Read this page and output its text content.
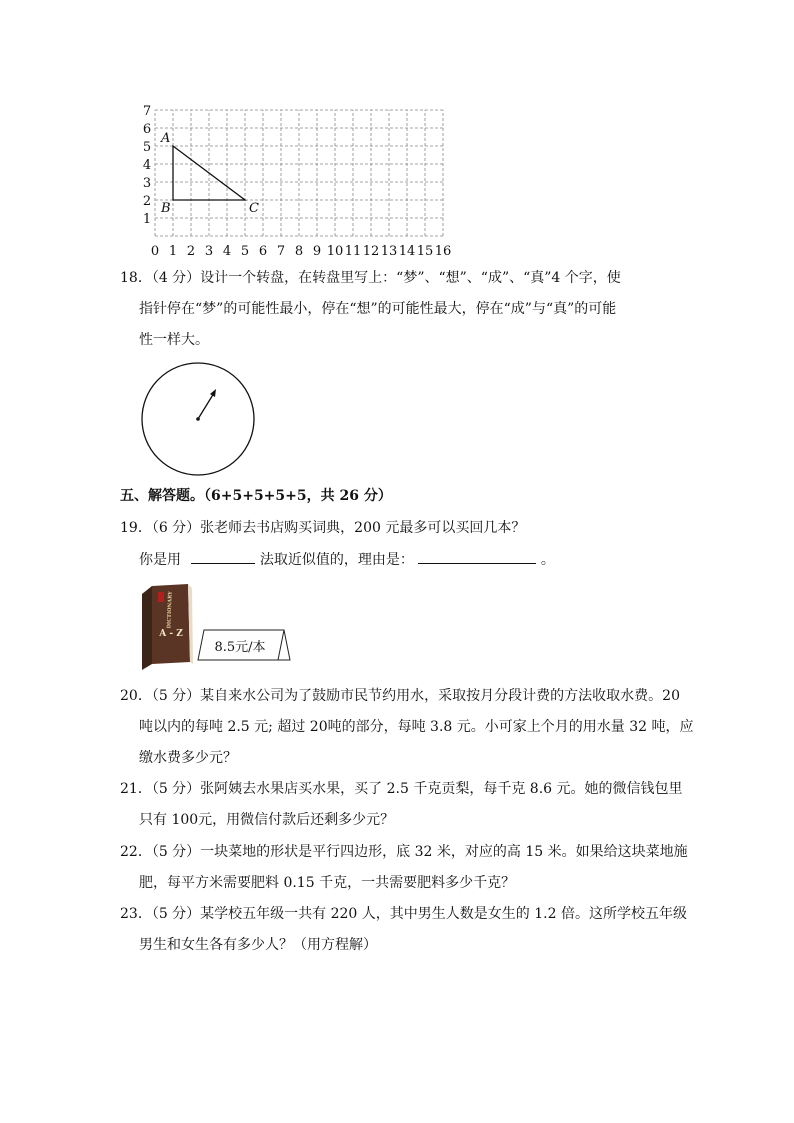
0 1 2 3 4 5 6 7 8 9 10 11 12 13 14 15 16
1
2
3
4
5
6
7
A
B	C
18．（4 分）设计一个转盘，在转盘里写上：“梦”、“想”、“成”、“真”4 个字，使
指针停在“梦”的可能性最小，停在“想”的可能性最大，停在“成”与“真”的可能
性一样大。
五、解答题。（6+5+5+5+5，共 26 分）
19．（6 分）张老师去书店购买词典，200 元最多可以买回几本？
你是用	法取近似值的，理由是：	。
DICTIONARY
A - Z
8.5元/本
20．（5 分）某自来水公司为了鼓励市民节约用水，采取按月分段计费的方法收取水费。20
吨以内的每吨 2.5 元; 超过 20吨的部分，每吨 3.8 元。小可家上个月的用水量 32 吨，应
缴水费多少元？
21．（5 分）张阿姨去水果店买水果，买了 2.5 千克贡梨，每千克 8.6 元。她的微信钱包里
只有 100元，用微信付款后还剩多少元？
22．（5 分）一块菜地的形状是平行四边形，底 32 米，对应的高 15 米。如果给这块菜地施
肥，每平方米需要肥料 0.15 千克，一共需要肥料多少千克？
23．（5 分）某学校五年级一共有 220 人，其中男生人数是女生的 1.2 倍。这所学校五年级
男生和女生各有多少人？（用方程解）
